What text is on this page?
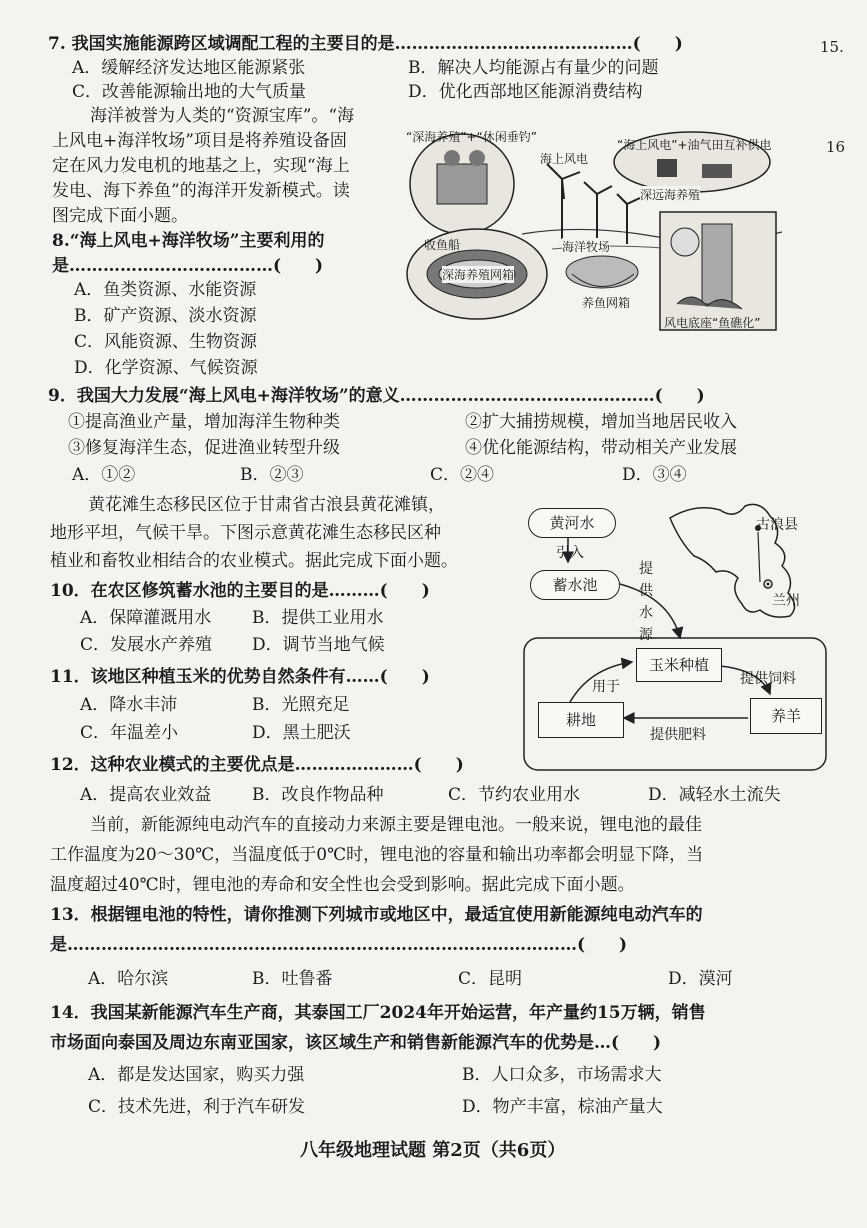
15.
16
7. 我国实施能源跨区域调配工程的主要目的是……………………………………(　　)
A．缓解经济发达地区能源紧张	B．解决人均能源占有量少的问题
C．改善能源输出地的大气质量	D．优化西部地区能源消费结构
海洋被誉为人类的“资源宝库”。“海
上风电+海洋牧场”项目是将养殖设备固
定在风力发电机的地基之上，实现“海上
发电、海下养鱼”的海洋开发新模式。读
图完成下面小题。
“深海养殖”+“休闲垂钓”
海上风电
“海上风电”+油气田互补供电
深远海养殖
收鱼船
深海养殖网箱
海洋牧场
养鱼网箱
风电底座“鱼礁化”
8.“海上风电+海洋牧场”主要利用的
是………………………………(　　)
A．鱼类资源、水能资源
B．矿产资源、淡水资源
C．风能资源、生物资源
D．化学资源、气候资源
9．我国大力发展“海上风电+海洋牧场”的意义………………………………………(　　)
①提高渔业产量，增加海洋生物种类	②扩大捕捞规模，增加当地居民收入
③修复海洋生态，促进渔业转型升级	④优化能源结构，带动相关产业发展
A．①②	B．②③	C．②④	D．③④
黄花滩生态移民区位于甘肃省古浪县黄花滩镇，
地形平坦，气候干旱。下图示意黄花滩生态移民区种
植业和畜牧业相结合的农业模式。据此完成下面小题。
黄河水
引入
蓄水池
提供水源
玉米种植
用于	提供饲料
耕地	养羊
提供肥料
古浪县
兰州
10．在农区修筑蓄水池的主要目的是………(　　)
A．保障灌溉用水 B．提供工业用水
C．发展水产养殖 D．调节当地气候
11．该地区种植玉米的优势自然条件有……(　　)
A．降水丰沛	B．光照充足
C．年温差小	D．黑土肥沃
12．这种农业模式的主要优点是…………………(　　)
A．提高农业效益 B．改良作物品种	C．节约农业用水	D．减轻水土流失
当前，新能源纯电动汽车的直接动力来源主要是锂电池。一般来说，锂电池的最佳
工作温度为20～30℃，当温度低于0℃时，锂电池的容量和输出功率都会明显下降，当
温度超过40℃时，锂电池的寿命和安全性也会受到影响。据此完成下面小题。
13．根据锂电池的特性，请你推测下列城市或地区中，最适宜使用新能源纯电动汽车的
是………………………………………………………………………………(　　)
A．哈尔滨	B．吐鲁番	C．昆明	D．漠河
14．我国某新能源汽车生产商，其泰国工厂2024年开始运营，年产量约15万辆，销售
市场面向泰国及周边东南亚国家，该区域生产和销售新能源汽车的优势是…(　　)
A．都是发达国家，购买力强	B．人口众多，市场需求大
C．技术先进，利于汽车研发	D．物产丰富，棕油产量大
八年级地理试题 第2页（共6页）
